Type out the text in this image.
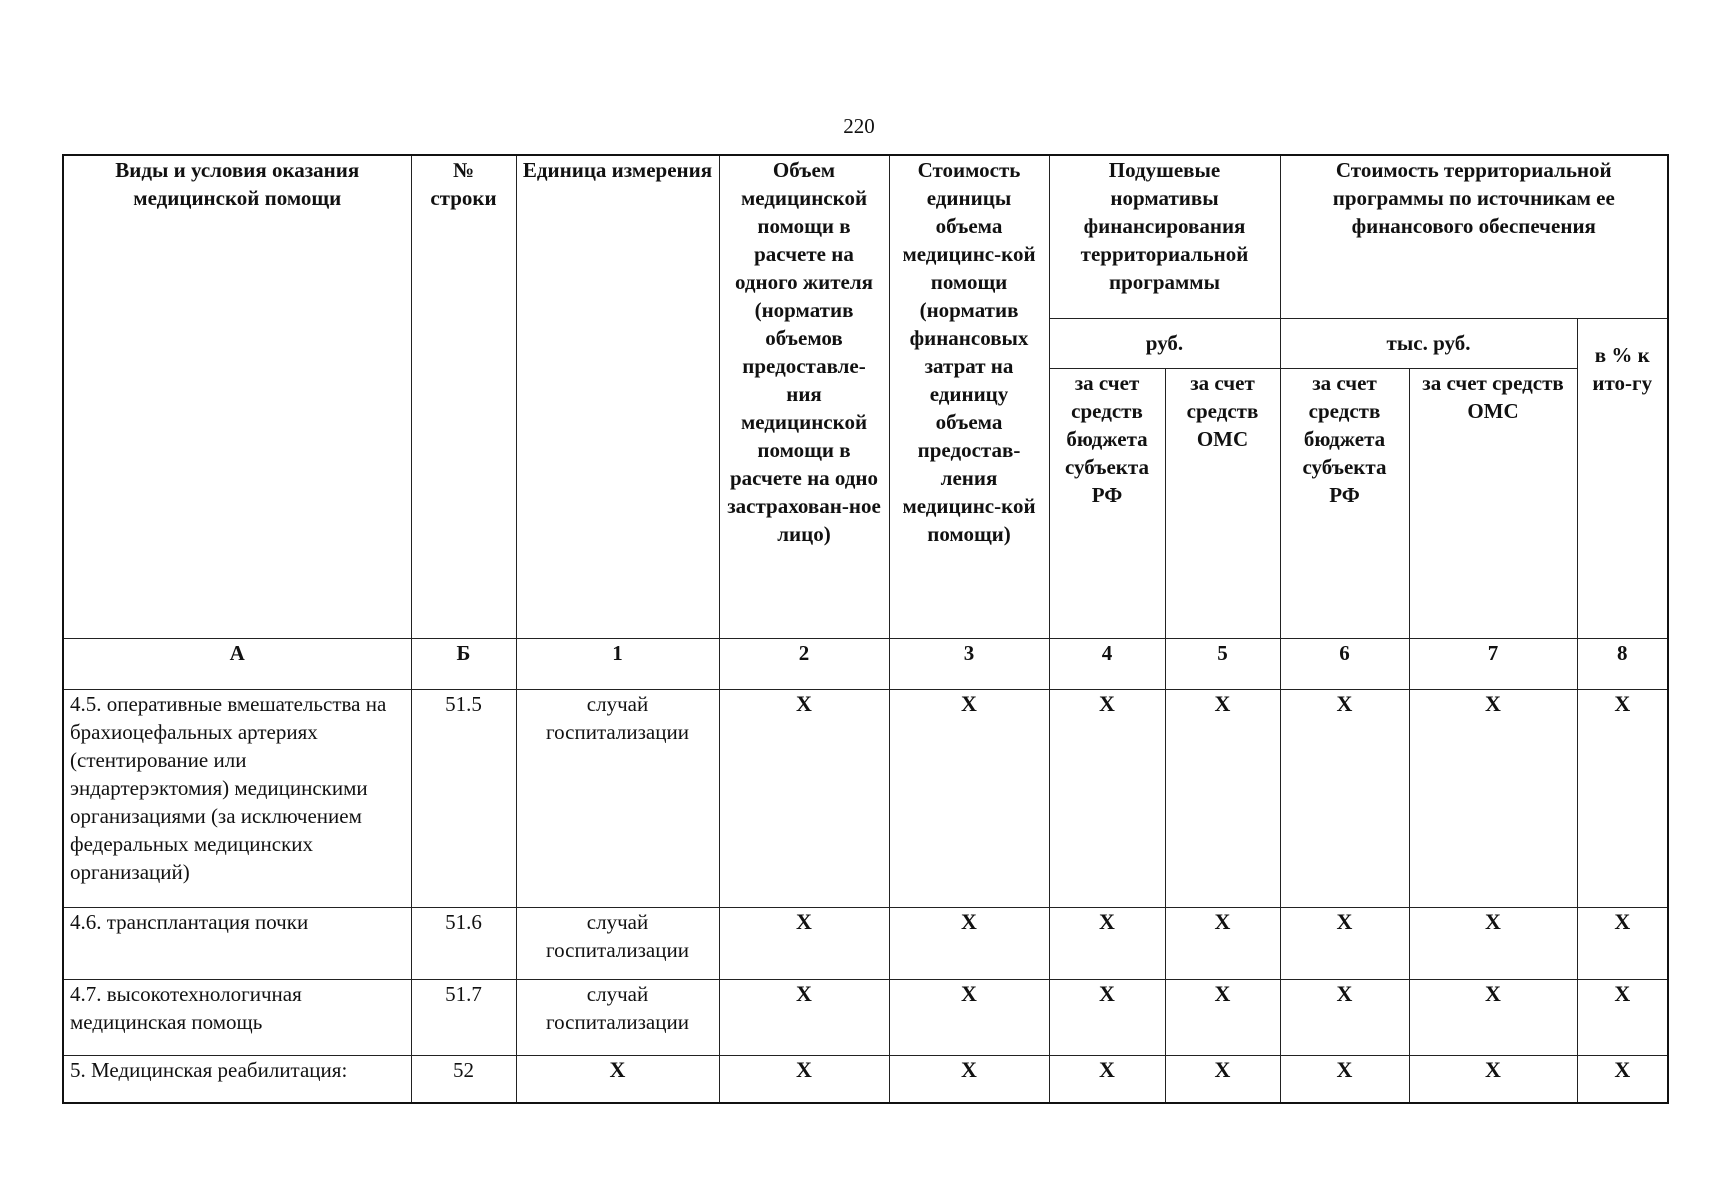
220
Виды и условия оказания медицинской помощи	№ строки	Единица измерения	Объем медицинской помощи в расчете на одного жителя (норматив объемов предоставле-ния медицинской помощи в расчете на одно застрахован-ное лицо)	Стоимость единицы объема медицинс-кой помощи (норматив финансовых затрат на единицу объема предостав-ления медицинс-кой помощи)	Подушевые нормативы финансирования территориальной программы		Стоимость территориальной программы по источникам ее финансового обеспечения		
					руб.		тыс. руб.		в % к ито-гу
					за счет средств бюджета субъекта РФ	за счет средств ОМС	за счет средств бюджета субъекта РФ	за счет средств ОМС	
А	Б	1	2	3	4	5	6	7	8
4.5. оперативные вмешательства на брахиоцефальных артериях (стентирование или эндартерэктомия) медицинскими организациями (за исключением федеральных медицинских организаций)	51.5	случай госпитализации	Х	Х	Х	Х	Х	Х	Х
4.6. трансплантация почки	51.6	случай госпитализации	Х	Х	Х	Х	Х	Х	Х
4.7. высокотехнологичная медицинская помощь	51.7	случай госпитализации	Х	Х	Х	Х	Х	Х	Х
5. Медицинская реабилитация:	52	Х	Х	Х	Х	Х	Х	Х	Х
